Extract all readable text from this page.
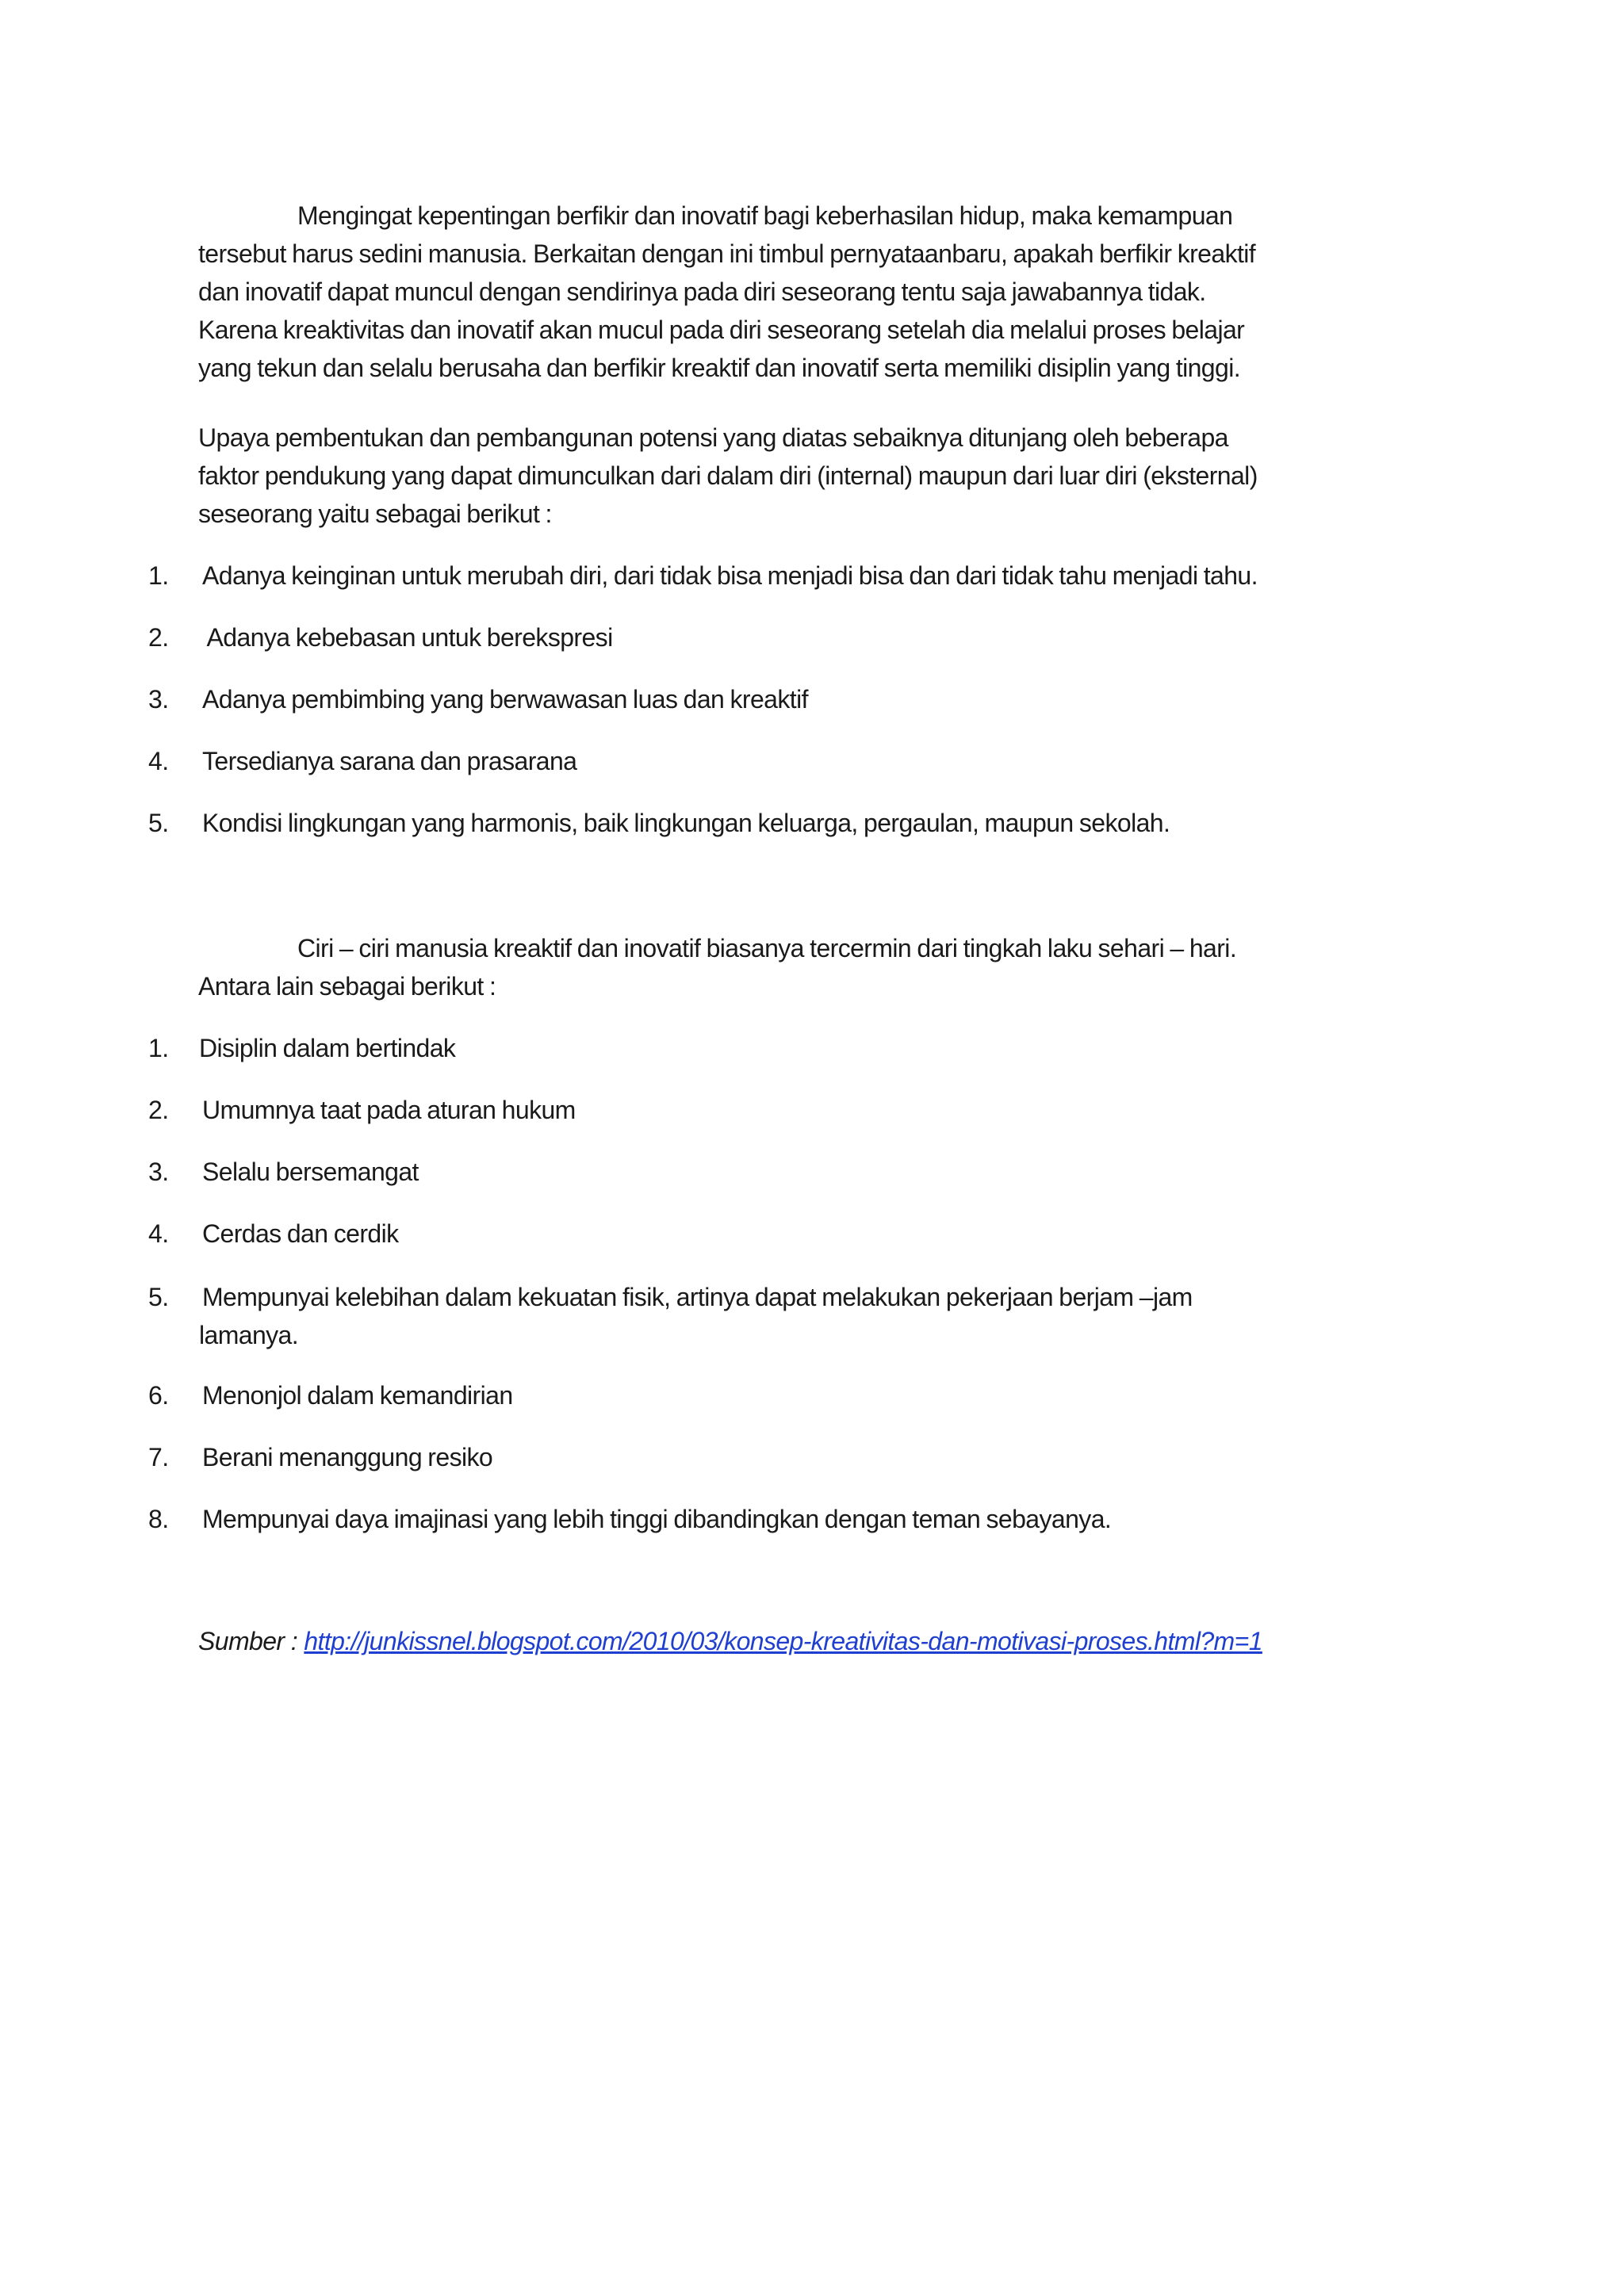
Mengingat kepentingan berfikir dan inovatif bagi keberhasilan hidup, maka kemampuan
tersebut harus sedini manusia. Berkaitan dengan ini timbul pernyataanbaru, apakah berfikir kreaktif
dan inovatif dapat muncul dengan sendirinya pada diri seseorang tentu saja jawabannya tidak.
Karena kreaktivitas dan inovatif akan mucul pada diri seseorang setelah dia melalui proses belajar
yang tekun dan selalu berusaha dan berfikir kreaktif dan inovatif serta memiliki disiplin yang tinggi.

Upaya pembentukan dan pembangunan potensi yang diatas sebaiknya ditunjang oleh beberapa
faktor pendukung yang dapat dimunculkan dari dalam diri (internal) maupun dari luar diri (eksternal)
seseorang yaitu sebagai berikut :

1. Adanya keinginan untuk merubah diri, dari tidak bisa menjadi bisa dan dari tidak tahu menjadi tahu.
2. Adanya kebebasan untuk berekspresi
3. Adanya pembimbing yang berwawasan luas dan kreaktif
4. Tersedianya sarana dan prasarana
5. Kondisi lingkungan yang harmonis, baik lingkungan keluarga, pergaulan, maupun sekolah.

Ciri – ciri manusia kreaktif dan inovatif biasanya tercermin dari tingkah laku sehari – hari.
Antara lain sebagai berikut :

1. Disiplin dalam bertindak
2. Umumnya taat pada aturan hukum
3. Selalu bersemangat
4. Cerdas dan cerdik
5. Mempunyai kelebihan dalam kekuatan fisik, artinya dapat melakukan pekerjaan berjam –jam
lamanya.
6. Menonjol dalam kemandirian
7. Berani menanggung resiko
8. Mempunyai daya imajinasi yang lebih tinggi dibandingkan dengan teman sebayanya.
Sumber : http://junkissnel.blogspot.com/2010/03/konsep-kreativitas-dan-motivasi-proses.html?m=1
